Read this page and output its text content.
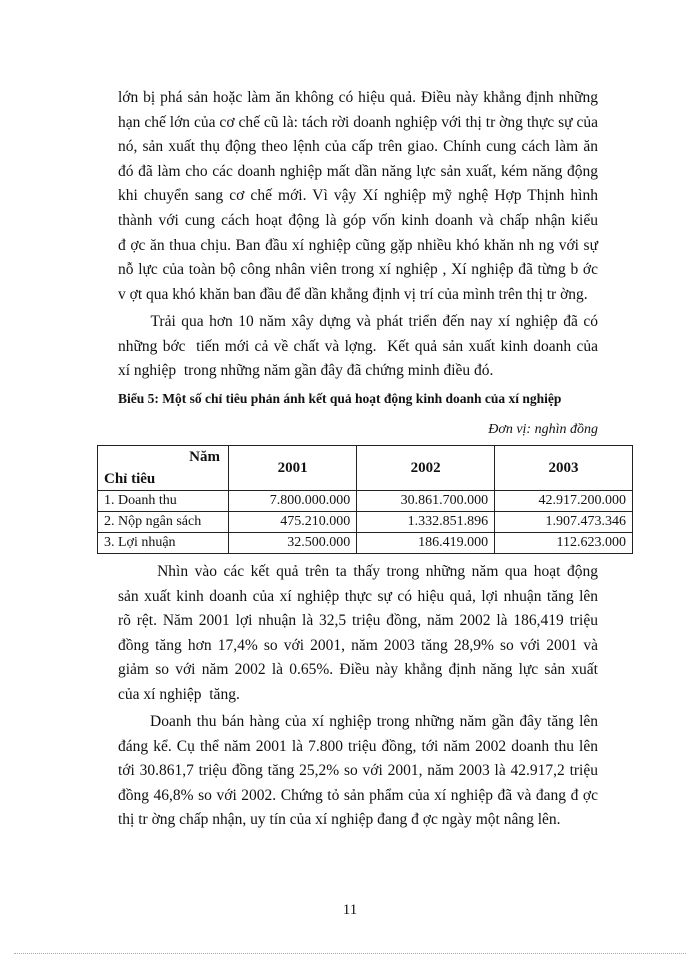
lớn bị phá sản hoặc làm ăn không có hiệu quả. Điều này khẳng định những
hạn chế lớn của cơ chế cũ là: tách rời doanh nghiệp với thị tr ờng thực sự của
nó, sản xuất thụ động theo lệnh của cấp trên giao. Chính cung cách làm ăn
đó đã làm cho các doanh nghiệp mất dần năng lực sản xuất, kém năng động
khi chuyển sang cơ chế mới. Vì vậy Xí nghiệp mỹ nghệ Hợp Thịnh hình
thành với cung cách hoạt động là góp vốn kinh doanh và chấp nhận kiểu
đ ợc ăn thua chịu. Ban đầu xí nghiệp cũng gặp nhiều khó khăn nh ng với sự
nỗ lực của toàn bộ công nhân viên trong xí nghiệp , Xí nghiệp đã từng b ớc
v ợt qua khó khăn ban đầu để dần khẳng định vị trí của mình trên thị tr ờng.
Trải qua hơn 10 năm xây dựng và phát triển đến nay xí nghiệp đã có
những bớc  tiến mới cả về chất và lợng.  Kết quả sản xuất kinh doanh của
xí nghiệp  trong những năm gần đây đã chứng minh điều đó.
Biểu 5: Một số chỉ tiêu phản ánh kết quả hoạt động kinh doanh của xí nghiệp
Đơn vị: nghìn đồng
Năm
Chỉ tiêu	2001	2002	2003
1. Doanh thu	7.800.000.000	30.861.700.000	42.917.200.000
2. Nộp ngân sách	475.210.000	1.332.851.896	1.907.473.346
3. Lợi nhuận	32.500.000	186.419.000	112.623.000
Nhìn vào các kết quả trên ta thấy trong những năm qua hoạt động
sản xuất kinh doanh của xí nghiệp thực sự có hiệu quả, lợi nhuận tăng lên
rõ rệt. Năm 2001 lợi nhuận là 32,5 triệu đồng, năm 2002 là 186,419 triệu
đồng tăng hơn 17,4% so với 2001, năm 2003 tăng 28,9% so với 2001 và
giảm so với năm 2002 là 0.65%. Điều này khẳng định năng lực sản xuất
của xí nghiệp  tăng.
Doanh thu bán hàng của xí nghiệp trong những năm gần đây tăng lên
đáng kể. Cụ thể năm 2001 là 7.800 triệu đồng, tới năm 2002 doanh thu lên
tới 30.861,7 triệu đồng tăng 25,2% so với 2001, năm 2003 là 42.917,2 triệu
đồng 46,8% so với 2002. Chứng tỏ sản phẩm của xí nghiệp đã và đang đ ợc
thị tr ờng chấp nhận, uy tín của xí nghiệp đang đ ợc ngày một nâng lên.
11
